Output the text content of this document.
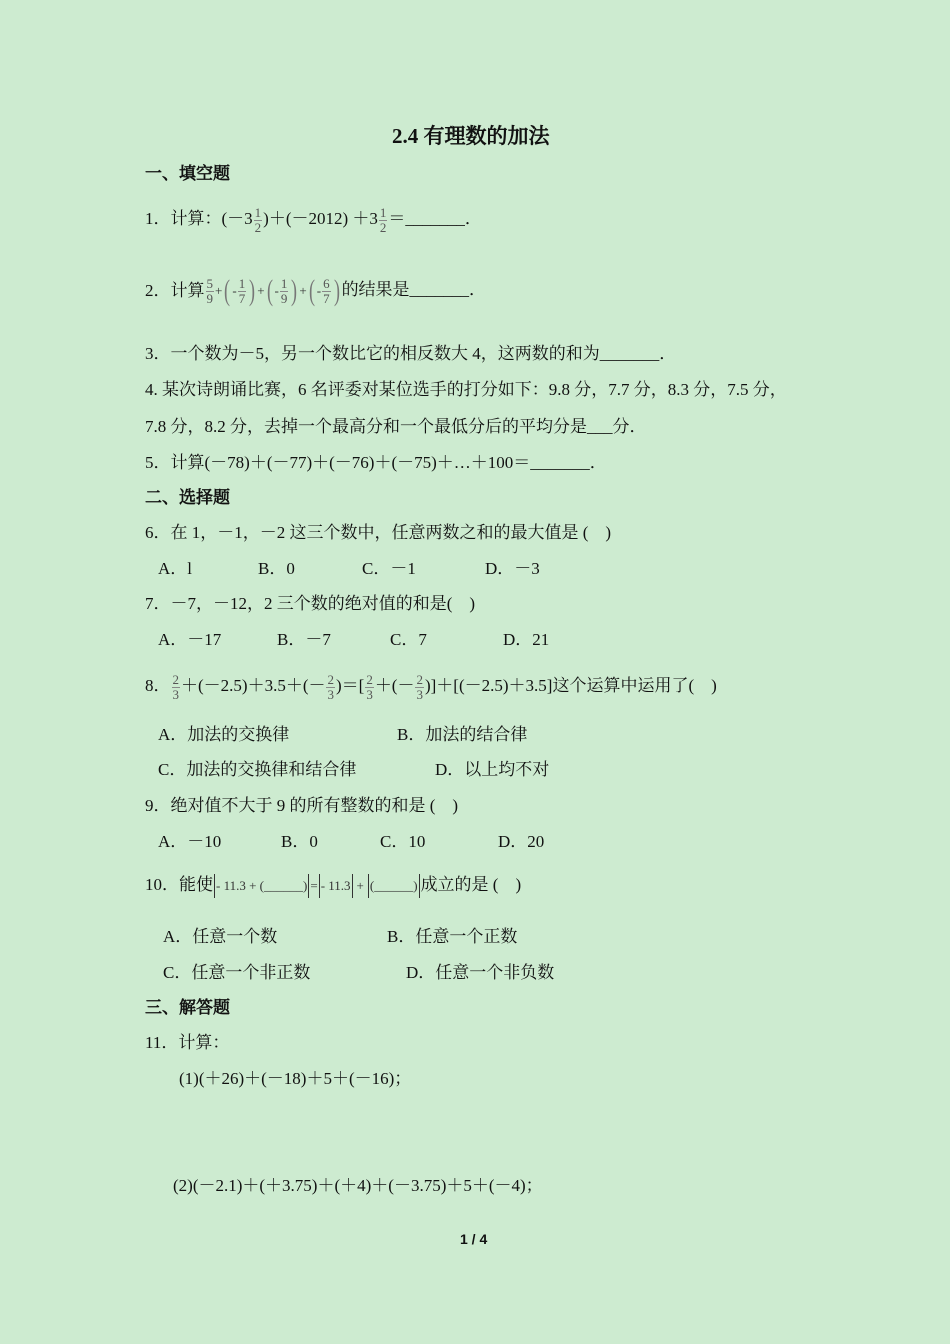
2.4 有理数的加法
一、填空题
1．计算：$(-3 \frac{1}{2} )+(-2012) +3 \frac{1}{2}$ ＝_______．
2．计算 $\frac{5}{9}$ +( - $\frac{1}{7}$ ) +( - $\frac{1}{9}$ ) +( - $\frac{6}{7}$ ) 的结果是_______．
3．一个数为－5，另一个数比它的相反数大 4，这两数的和为_______．
4. 某次诗朗诵比赛，6 名评委对某位选手的打分如下：9.8 分，7.7 分，8.3 分，7.5 分，
7.8 分，8.2 分，去掉一个最高分和一个最低分后的平均分是___分．
5．计算(－78)＋(－77)＋(－76)＋(－75)＋…＋100＝_______．
二、选择题
6．在 1，－1，－2 这三个数中，任意两数之和的最大值是 (　)
A．l	B．0	C．－1	D．－3
7．－7，－12，2 三个数的绝对值的和是(　)
A．－17	B．－7	C．7	D．21
8． $\frac{2}{3} +(-2.5)+3.5+(- \frac{2}{3}$ )＝[ $\frac{2}{3}$ ＋(－ $\frac{2}{3} )]+[(-2.5)+3.5]$这个运算中运用了(　)
A．加法的交换律	B．加法的结合律
C．加法的交换律和结合律	D．以上均不对
9．绝对值不大于 9 的所有整数的和是 (　)
A．－10	B．0	C．10	D．20
10．能使 - 11.3 + (______) = - 11.3 + (______) 成立的是 (　)
A．任意一个数	B．任意一个正数
C．任意一个非正数	D．任意一个非负数
三、解答题
11．计算：
(1)(＋26)＋(－18)＋5＋(－16)；
(2)(－2.1)＋(＋3.75)＋(＋4)＋(－3.75)＋5＋(－4)；
1 / 4
